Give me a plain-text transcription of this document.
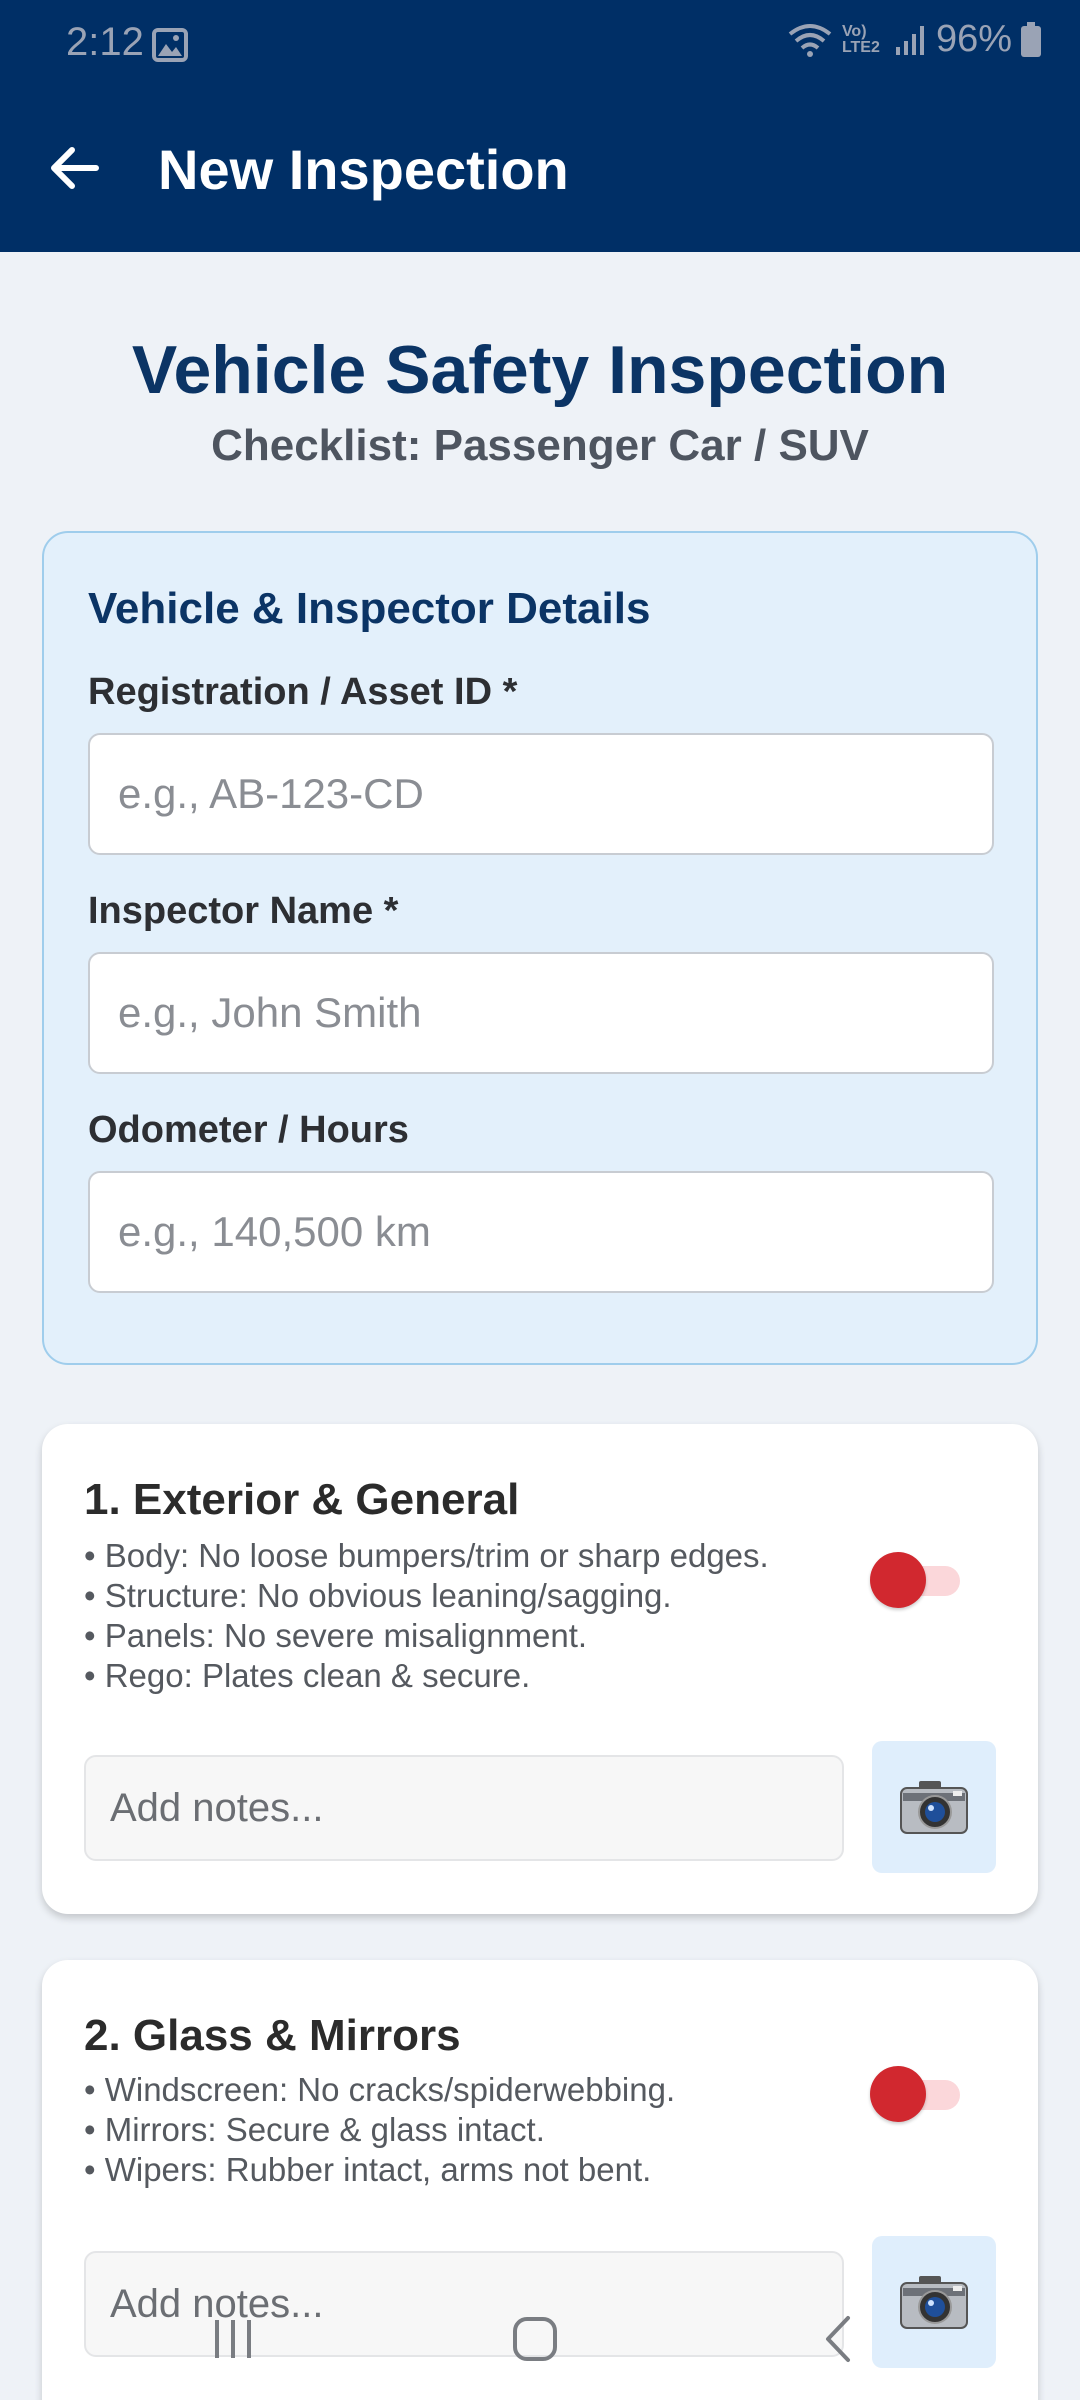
2:12	Vo) LTE2 96%
New Inspection
Vehicle Safety Inspection
Checklist: Passenger Car / SUV
Vehicle & Inspector Details
Registration / Asset ID *
e.g., AB-123-CD
Inspector Name *
e.g., John Smith
Odometer / Hours
e.g., 140,500 km
1. Exterior & General
• Body: No loose bumpers/trim or sharp edges.
• Structure: No obvious leaning/sagging.
• Panels: No severe misalignment.
• Rego: Plates clean & secure.
Add notes...
2. Glass & Mirrors
• Windscreen: No cracks/spiderwebbing.
• Mirrors: Secure & glass intact.
• Wipers: Rubber intact, arms not bent.
Add notes...
